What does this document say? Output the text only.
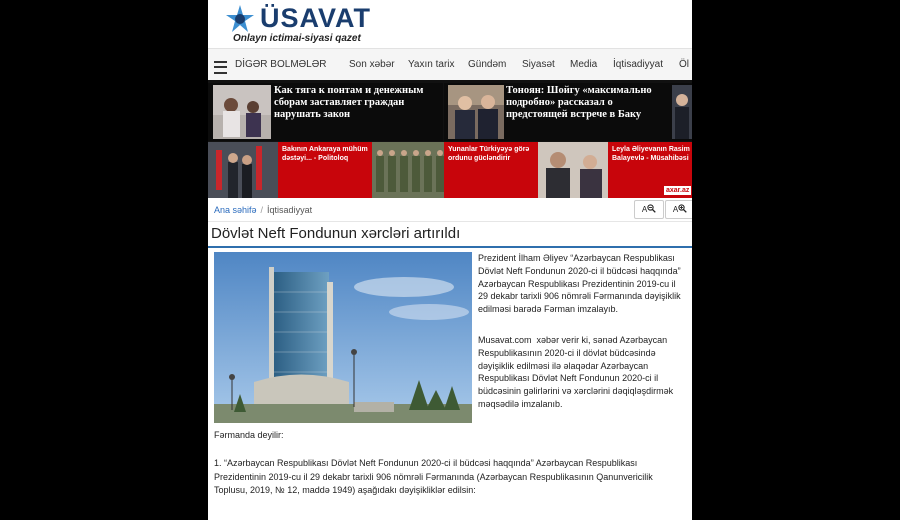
ÜSAVAT
Onlayn ictimai-siyasi qazet
DİGƏR BOLMƏLƏR Son xəbər Yaxın tarix Gündəm Siyasət Media İqtisadiyyat Öl
Как тяга к понтам и денежным сборам заставляет граждан нарушать закон
Тонoян: Шойгу «максимально подробно» рассказал о предстоящей встрече в Баку
Bakının Ankaraya mühüm dəstəyi... - Politoloq
Yunanlar Türkiyəyə görə ordunu gücləndirir
Leyla Əliyevanın Rasim Balayevlə - Müsahibəsi
axar.az
Ana səhifə / İqtisadiyyat	A	A
Dövlət Neft Fondunun xərcləri artırıldı
Prezident İlham Əliyev “Azərbaycan Respublikası Dövlət Neft Fondunun 2020-ci il büdcəsi haqqında” Azərbaycan Respublikası Prezidentinin 2019-cu il 29 dekabr tarixli 906 nömrəli Fərmanında dəyişiklik edilməsi barədə Fərman imzalayıb.
Musavat.com xəbər verir ki, sənəd Azərbaycan Respublikasının 2020-ci il dövlət büdcəsində dəyişiklik edilməsi ilə əlaqədar Azərbaycan Respublikası Dövlət Neft Fondunun 2020-ci il büdcəsinin gəlirlərini və xərclərini dəqiqləşdirmək məqsədilə imzalanıb.
Fərmanda deyilir:
1. “Azərbaycan Respublikası Dövlət Neft Fondunun 2020-ci il büdcəsi haqqında” Azərbaycan Respublikası Prezidentinin 2019-cu il 29 dekabr tarixli 906 nömrəli Fərmanında (Azərbaycan Respublikasının Qanunvericilik Toplusu, 2019, № 12, maddə 1949) aşağıdakı dəyişikliklər edilsin:
